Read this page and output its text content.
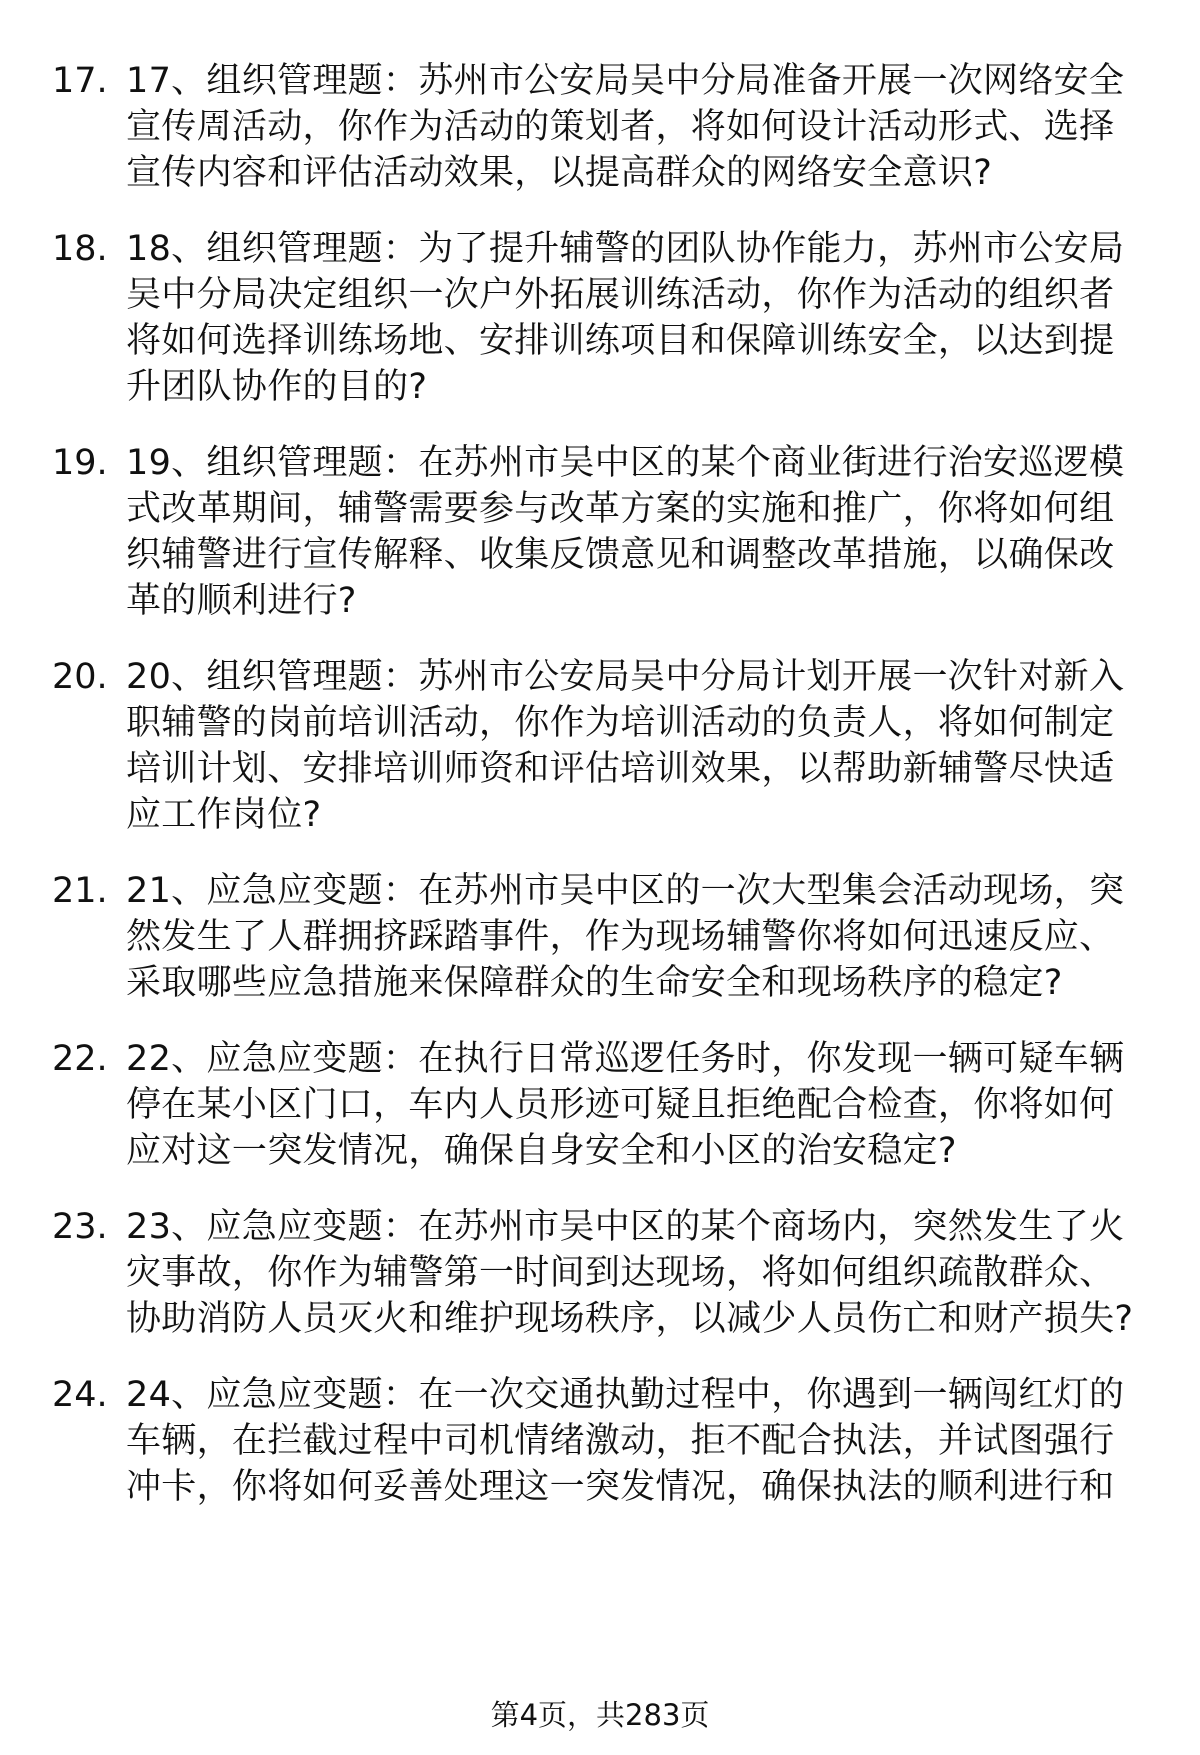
17. 17、组织管理题：苏州市公安局吴中分局准备开展一次网络安全宣传周活动，你作为活动的策划者，将如何设计活动形式、选择宣传内容和评估活动效果，以提高群众的网络安全意识?
18. 18、组织管理题：为了提升辅警的团队协作能力，苏州市公安局吴中分局决定组织一次户外拓展训练活动，你作为活动的组织者将如何选择训练场地、安排训练项目和保障训练安全，以达到提升团队协作的目的?
19. 19、组织管理题：在苏州市吴中区的某个商业街进行治安巡逻模式改革期间，辅警需要参与改革方案的实施和推广，你将如何组织辅警进行宣传解释、收集反馈意见和调整改革措施，以确保改革的顺利进行?
20. 20、组织管理题：苏州市公安局吴中分局计划开展一次针对新入职辅警的岗前培训活动，你作为培训活动的负责人，将如何制定培训计划、安排培训师资和评估培训效果，以帮助新辅警尽快适应工作岗位?
21. 21、应急应变题：在苏州市吴中区的一次大型集会活动现场，突然发生了人群拥挤踩踏事件，作为现场辅警你将如何迅速反应、采取哪些应急措施来保障群众的生命安全和现场秩序的稳定?
22. 22、应急应变题：在执行日常巡逻任务时，你发现一辆可疑车辆停在某小区门口，车内人员形迹可疑且拒绝配合检查，你将如何应对这一突发情况，确保自身安全和小区的治安稳定?
23. 23、应急应变题：在苏州市吴中区的某个商场内，突然发生了火灾事故，你作为辅警第一时间到达现场，将如何组织疏散群众、协助消防人员灭火和维护现场秩序，以减少人员伤亡和财产损失?
24. 24、应急应变题：在一次交通执勤过程中，你遇到一辆闯红灯的车辆，在拦截过程中司机情绪激动，拒不配合执法，并试图强行冲卡，你将如何妥善处理这一突发情况，确保执法的顺利进行和
第4页，共283页
